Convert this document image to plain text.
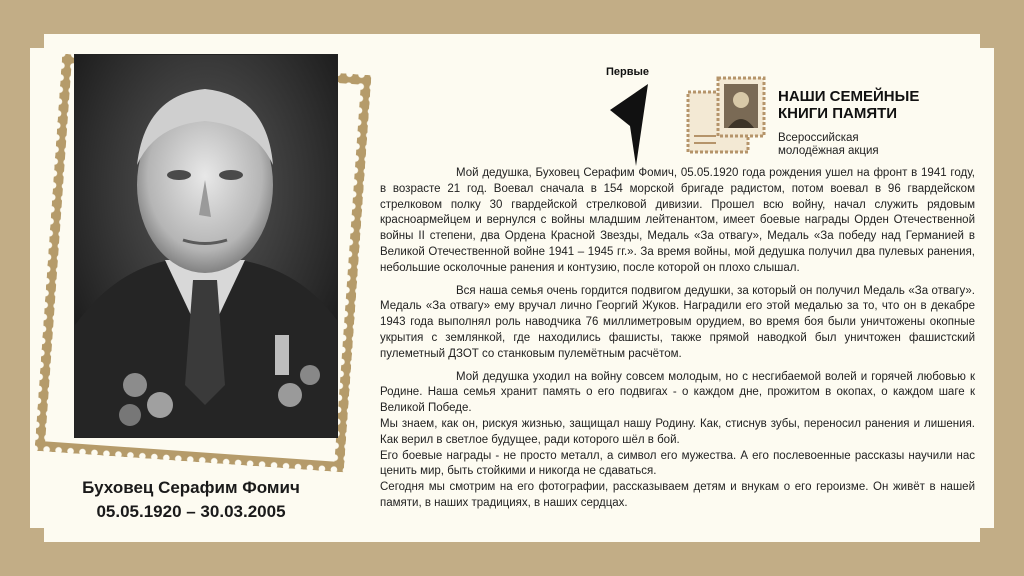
Буховец Серафим Фомич
05.05.1920 – 30.03.2005
Первые
НАШИ СЕМЕЙНЫЕ
КНИГИ ПАМЯТИ
Всероссийская
молодёжная акция

Мой дедушка, Буховец Серафим Фомич, 05.05.1920 года рождения ушел на фронт в 1941 году, в возрасте 21 год. Воевал сначала в 154 морской бригаде радистом, потом воевал в 96 гвардейском стрелковом полку 30 гвардейской стрелковой дивизии. Прошел всю войну, начал служить рядовым красноармейцем и вернулся с войны младшим лейтенантом, имеет боевые награды Орден Отечественной войны II степени, два Ордена Красной Звезды, Медаль «За отвагу», Медаль «За победу над Германией в Великой Отечественной войне 1941 – 1945 гг.». За время войны, мой дедушка получил два пулевых ранения, небольшие осколочные ранения и контузию, после которой он плохо слышал.

Вся наша семья очень гордится подвигом дедушки, за который он получил Медаль «За отвагу». Медаль «За отвагу» ему вручал лично Георгий Жуков. Наградили его этой медалью за то, что он в декабре 1943 года выполнял роль наводчика 76 миллиметровым орудием, во время боя были уничтожены окопные укрытия с землянкой, где находились фашисты, также прямой наводкой был уничтожен фашистский пулеметный ДЗОТ со станковым пулемётным расчётом.

Мой дедушка уходил на войну совсем молодым, но с несгибаемой волей и горячей любовью к Родине. Наша семья хранит память о его подвигах - о каждом дне, прожитом в окопах, о каждом шаге к Великой Победе.

Мы знаем, как он, рискуя жизнью, защищал нашу Родину. Как, стиснув зубы, переносил ранения и лишения. Как верил в светлое будущее, ради которого шёл в бой.

Его боевые награды - не просто металл, а символ его мужества. А его послевоенные рассказы научили нас ценить мир, быть стойкими и никогда не сдаваться.

Сегодня мы смотрим на его фотографии, рассказываем детям и внукам о его героизме. Он живёт в нашей памяти, в наших традициях, в наших сердцах.
